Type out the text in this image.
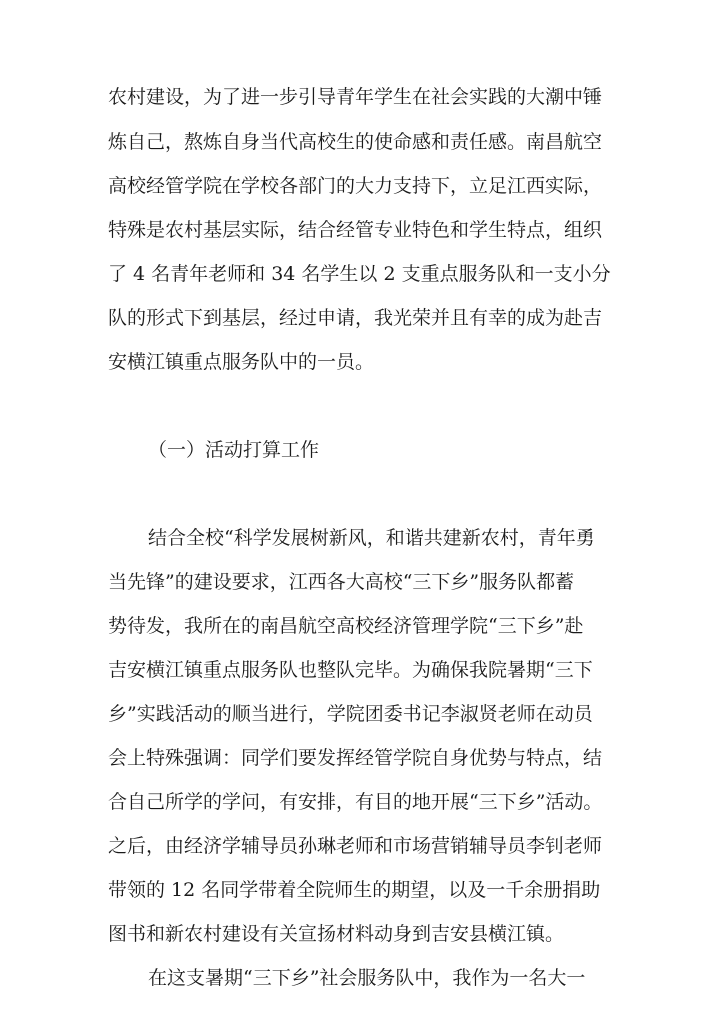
农村建设，为了进一步引导青年学生在社会实践的大潮中锤

炼自己，熬炼自身当代高校生的使命感和责任感。南昌航空

高校经管学院在学校各部门的大力支持下，立足江西实际，

特殊是农村基层实际，结合经管专业特色和学生特点，组织

了 4 名青年老师和 34 名学生以 2 支重点服务队和一支小分

队的形式下到基层，经过申请，我光荣并且有幸的成为赴吉

安横江镇重点服务队中的一员。

（一）活动打算工作

结合全校“科学发展树新风，和谐共建新农村，青年勇

当先锋”的建设要求，江西各大高校“三下乡”服务队都蓄

势待发，我所在的南昌航空高校经济管理学院“三下乡”赴

吉安横江镇重点服务队也整队完毕。为确保我院暑期“三下

乡”实践活动的顺当进行，学院团委书记李淑贤老师在动员

会上特殊强调：同学们要发挥经管学院自身优势与特点，结

合自己所学的学问，有安排，有目的地开展“三下乡”活动。

之后，由经济学辅导员孙琳老师和市场营销辅导员李钊老师

带领的 12 名同学带着全院师生的期望，以及一千余册捐助

图书和新农村建设有关宣扬材料动身到吉安县横江镇。

在这支暑期“三下乡”社会服务队中，我作为一名大一
